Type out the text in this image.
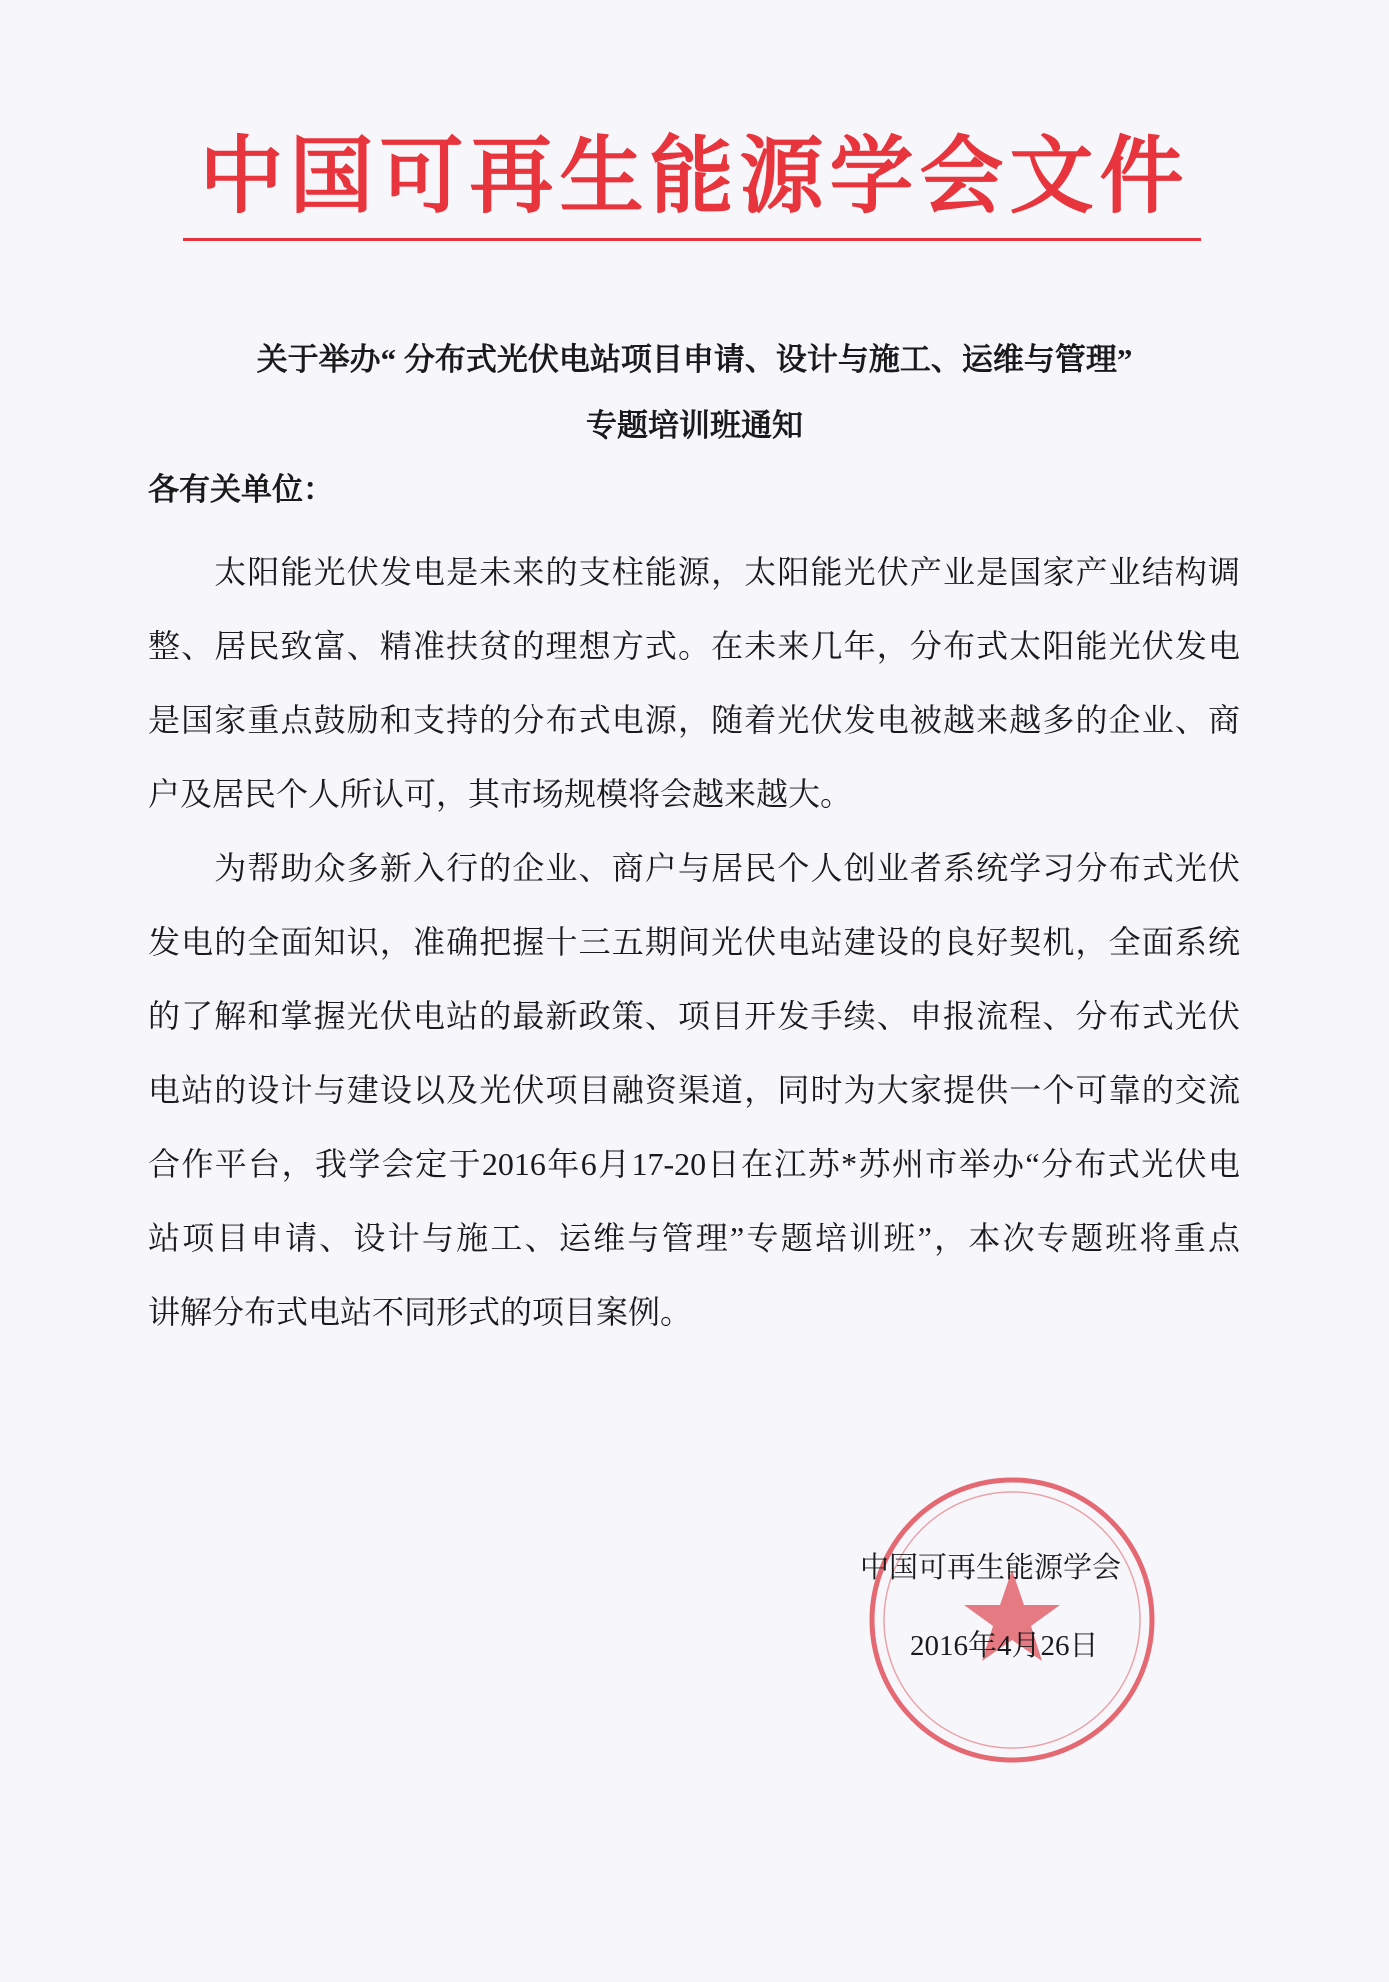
中国可再生能源学会文件
关于举办“ 分布式光伏电站项目申请、设计与施工、运维与管理”
专题培训班通知
各有关单位：
　　太阳能光伏发电是未来的支柱能源，太阳能光伏产业是国家产业结构调
整、居民致富、精准扶贫的理想方式。在未来几年，分布式太阳能光伏发电
是国家重点鼓励和支持的分布式电源，随着光伏发电被越来越多的企业、商
户及居民个人所认可，其市场规模将会越来越大。
　　为帮助众多新入行的企业、商户与居民个人创业者系统学习分布式光伏
发电的全面知识，准确把握十三五期间光伏电站建设的良好契机，全面系统
的了解和掌握光伏电站的最新政策、项目开发手续、申报流程、分布式光伏
电站的设计与建设以及光伏项目融资渠道，同时为大家提供一个可靠的交流
合作平台，我学会定于2016年6月17-20日在江苏*苏州市举办“分布式光伏电
站项目申请、设计与施工、运维与管理”专题培训班”，本次专题班将重点
讲解分布式电站不同形式的项目案例。
中国可再生能源学会
2016年4月26日
